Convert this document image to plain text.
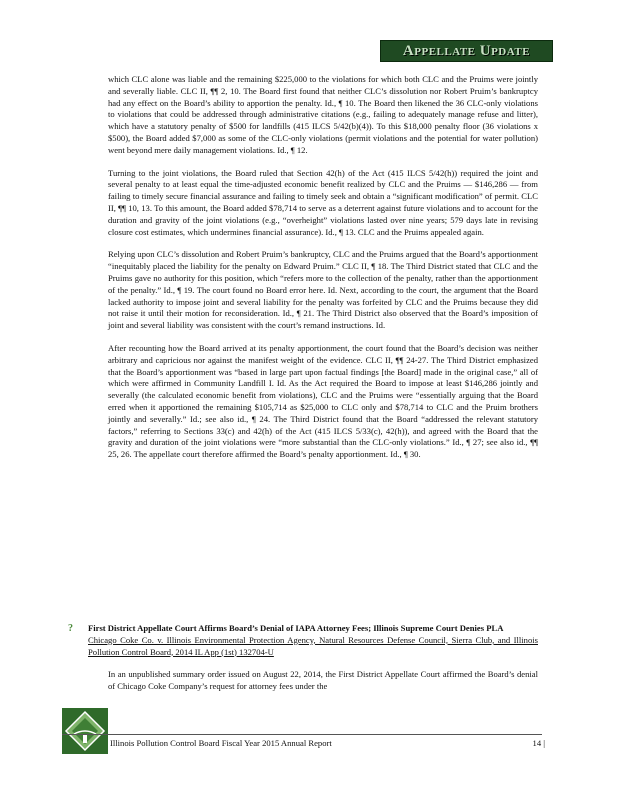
Appellate Update

which CLC alone was liable and the remaining $225,000 to the violations for which both CLC and the Pruims were jointly and severally liable. CLC II, ¶¶ 2, 10. The Board first found that neither CLC’s dissolution nor Robert Pruim’s bankruptcy had any effect on the Board’s ability to apportion the penalty. Id., ¶ 10. The Board then likened the 36 CLC-only violations to violations that could be addressed through administrative citations (e.g., failing to adequately manage refuse and litter), which have a statutory penalty of $500 for landfills (415 ILCS 5/42(b)(4)). To this $18,000 penalty floor (36 violations x $500), the Board added $7,000 as some of the CLC-only violations (permit violations and the potential for water pollution) went beyond mere daily management violations. Id., ¶ 12.

Turning to the joint violations, the Board ruled that Section 42(h) of the Act (415 ILCS 5/42(h)) required the joint and several penalty to at least equal the time-adjusted economic benefit realized by CLC and the Pruims — $146,286 — from failing to timely secure financial assurance and failing to timely seek and obtain a “significant modification” of permit. CLC II, ¶¶ 10, 13. To this amount, the Board added $78,714 to serve as a deterrent against future violations and to account for the duration and gravity of the joint violations (e.g., “overheight” violations lasted over nine years; 579 days late in revising closure cost estimates, which undermines financial assurance). Id., ¶ 13. CLC and the Pruims appealed again.

Relying upon CLC’s dissolution and Robert Pruim’s bankruptcy, CLC and the Pruims argued that the Board’s apportionment “inequitably placed the liability for the penalty on Edward Pruim.” CLC II, ¶ 18. The Third District stated that CLC and the Pruims gave no authority for this position, which “refers more to the collection of the penalty, rather than the apportionment of the penalty.” Id., ¶ 19. The court found no Board error here. Id. Next, according to the court, the argument that the Board lacked authority to impose joint and several liability for the penalty was forfeited by CLC and the Pruims because they did not raise it until their motion for reconsideration. Id., ¶ 21. The Third District also observed that the Board’s imposition of joint and several liability was consistent with the court’s remand instructions. Id.

After recounting how the Board arrived at its penalty apportionment, the court found that the Board’s decision was neither arbitrary and capricious nor against the manifest weight of the evidence. CLC II, ¶¶ 24-27. The Third District emphasized that the Board’s apportionment was “based in large part upon factual findings [the Board] made in the original case,” all of which were affirmed in Community Landfill I. Id. As the Act required the Board to impose at least $146,286 jointly and severally (the calculated economic benefit from violations), CLC and the Pruims were “essentially arguing that the Board erred when it apportioned the remaining $105,714 as $25,000 to CLC only and $78,714 to CLC and the Pruim brothers jointly and severally.” Id.; see also id., ¶ 24. The Third District found that the Board “addressed the relevant statutory factors,” referring to Sections 33(c) and 42(h) of the Act (415 ILCS 5/33(c), 42(h)), and agreed with the Board that the gravity and duration of the joint violations were “more substantial than the CLC-only violations.” Id., ¶ 27; see also id., ¶¶ 25, 26. The appellate court therefore affirmed the Board’s penalty apportionment. Id., ¶ 30.

? First District Appellate Court Affirms Board’s Denial of IAPA Attorney Fees; Illinois Supreme Court Denies PLA
Chicago Coke Co. v. Illinois Environmental Protection Agency, Natural Resources Defense Council, Sierra Club, and Illinois Pollution Control Board, 2014 IL App (1st) 132704-U
In an unpublished summary order issued on August 22, 2014, the First District Appellate Court affirmed the Board’s denial of Chicago Coke Company’s request for attorney fees under the
Illinois Pollution Control Board Fiscal Year 2015 Annual Report	14 |
